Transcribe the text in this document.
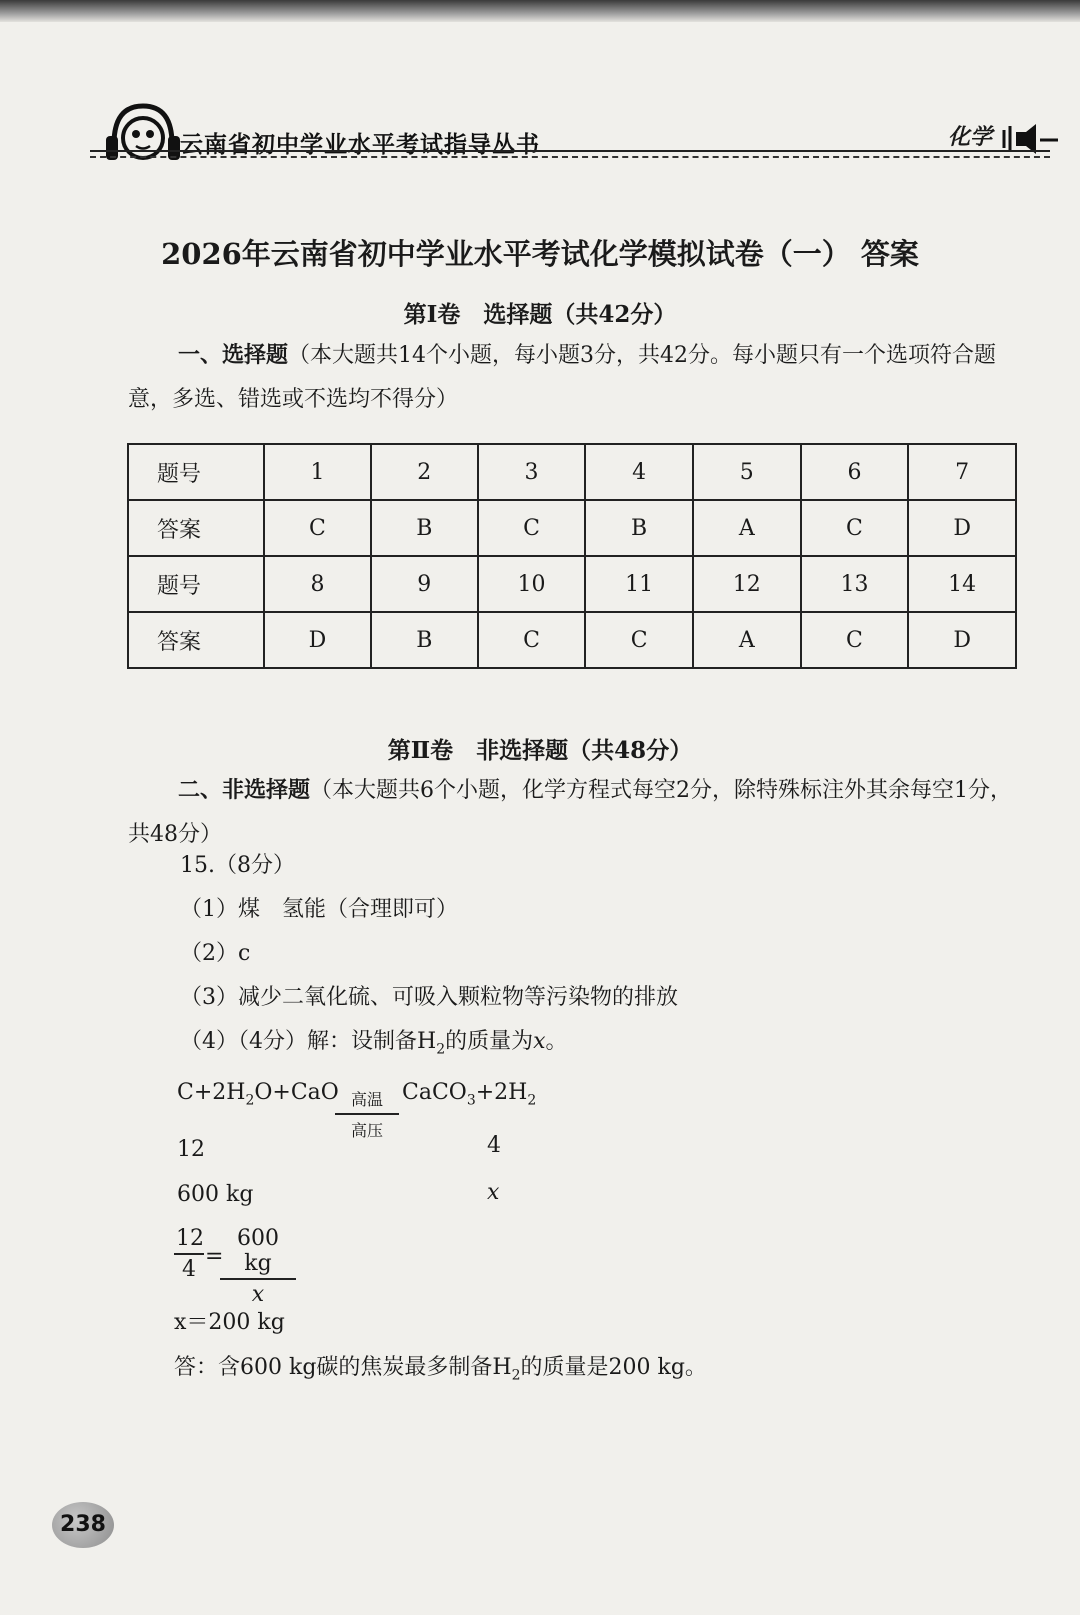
云南省初中学业水平考试指导丛书	化学
2026年云南省初中学业水平考试化学模拟试卷（一） 答案
第Ⅰ卷　选择题（共42分）
一、选择题（本大题共14个小题，每小题3分，共42分。每小题只有一个选项符合题意，多选、错选或不选均不得分）
题号	1	2	3	4	5	6	7
答案	C	B	C	B	A	C	D
题号	8	9	10	11	12	13	14
答案	D	B	C	C	A	C	D
第Ⅱ卷　非选择题（共48分）
二、非选择题（本大题共6个小题，化学方程式每空2分，除特殊标注外其余每空1分，共48分）
15.（8分）
（1）煤　氢能（合理即可）
（2）c
（3）减少二氧化硫、可吸入颗粒物等污染物的排放
（4）（4分）解：设制备$H_2$的质量为x。
$C+2H_2O+CaO$ 高温
高压
$CaCO_3+2H_2$
12	4
600 kg	x
12
4
=
600 kg
x
x＝200 kg
答：含600 kg碳的焦炭最多制备$H_2$的质量是200 kg。
238
